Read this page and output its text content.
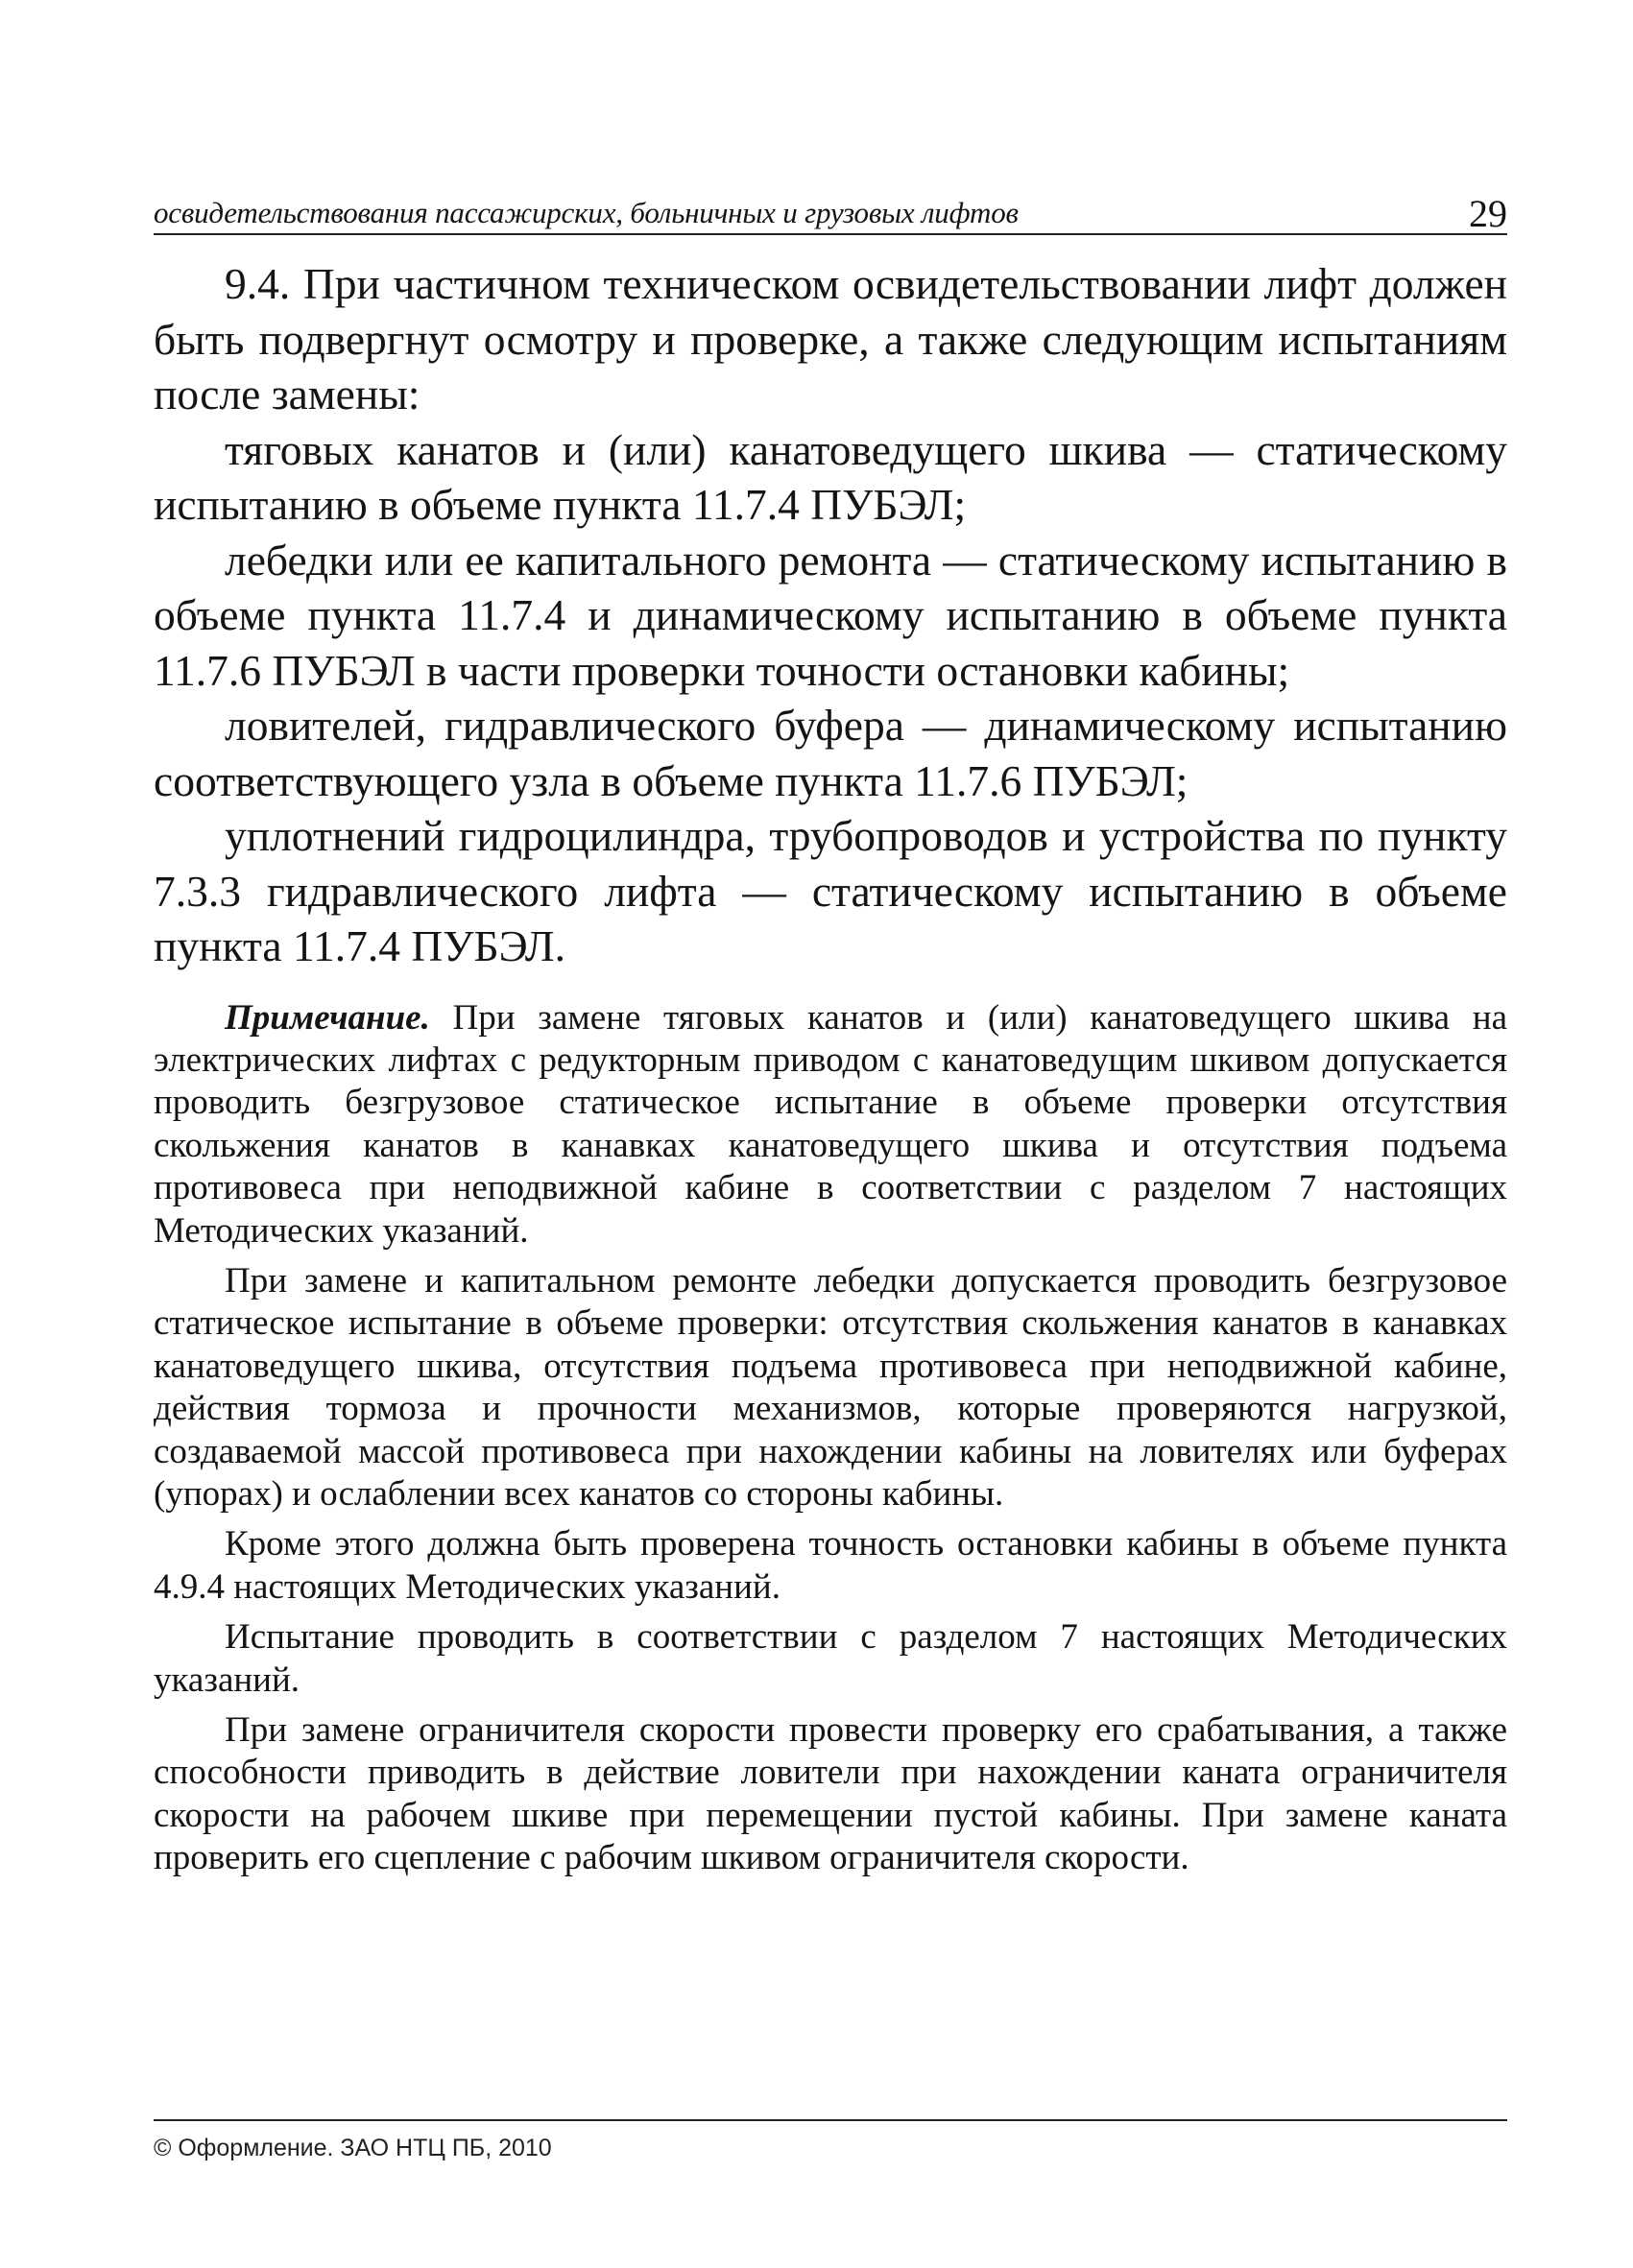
освидетельствования пассажирских, больничных и грузовых лифтов	29

9.4. При частичном техническом освидетельствовании лифт должен быть подвергнут осмотру и проверке, а также следующим испытаниям после замены:

тяговых канатов и (или) канатоведущего шкива — статическому испытанию в объеме пункта 11.7.4 ПУБЭЛ;

лебедки или ее капитального ремонта — статическому испытанию в объеме пункта 11.7.4 и динамическому испытанию в объеме пункта 11.7.6 ПУБЭЛ в части проверки точности остановки кабины;

ловителей, гидравлического буфера — динамическому испытанию соответствующего узла в объеме пункта 11.7.6 ПУБЭЛ;

уплотнений гидроцилиндра, трубопроводов и устройства по пункту 7.3.3 гидравлического лифта — статическому испытанию в объеме пункта 11.7.4 ПУБЭЛ.

Примечание. При замене тяговых канатов и (или) канатоведущего шкива на электрических лифтах с редукторным приводом с канатоведущим шкивом допускается проводить безгрузовое статическое испытание в объеме проверки отсутствия скольжения канатов в канавках канатоведущего шкива и отсутствия подъема противовеса при неподвижной кабине в соответствии с разделом 7 настоящих Методических указаний.

При замене и капитальном ремонте лебедки допускается проводить безгрузовое статическое испытание в объеме проверки: отсутствия скольжения канатов в канавках канатоведущего шкива, отсутствия подъема противовеса при неподвижной кабине, действия тормоза и прочности механизмов, которые проверяются нагрузкой, создаваемой массой противовеса при нахождении кабины на ловителях или буферах (упорах) и ослаблении всех канатов со стороны кабины.

Кроме этого должна быть проверена точность остановки кабины в объеме пункта 4.9.4 настоящих Методических указаний.

Испытание проводить в соответствии с разделом 7 настоящих Методических указаний.

При замене ограничителя скорости провести проверку его срабатывания, а также способности приводить в действие ловители при нахождении каната ограничителя скорости на рабочем шкиве при перемещении пустой кабины. При замене каната проверить его сцепление с рабочим шкивом ограничителя скорости.

© Оформление. ЗАО НТЦ ПБ, 2010
